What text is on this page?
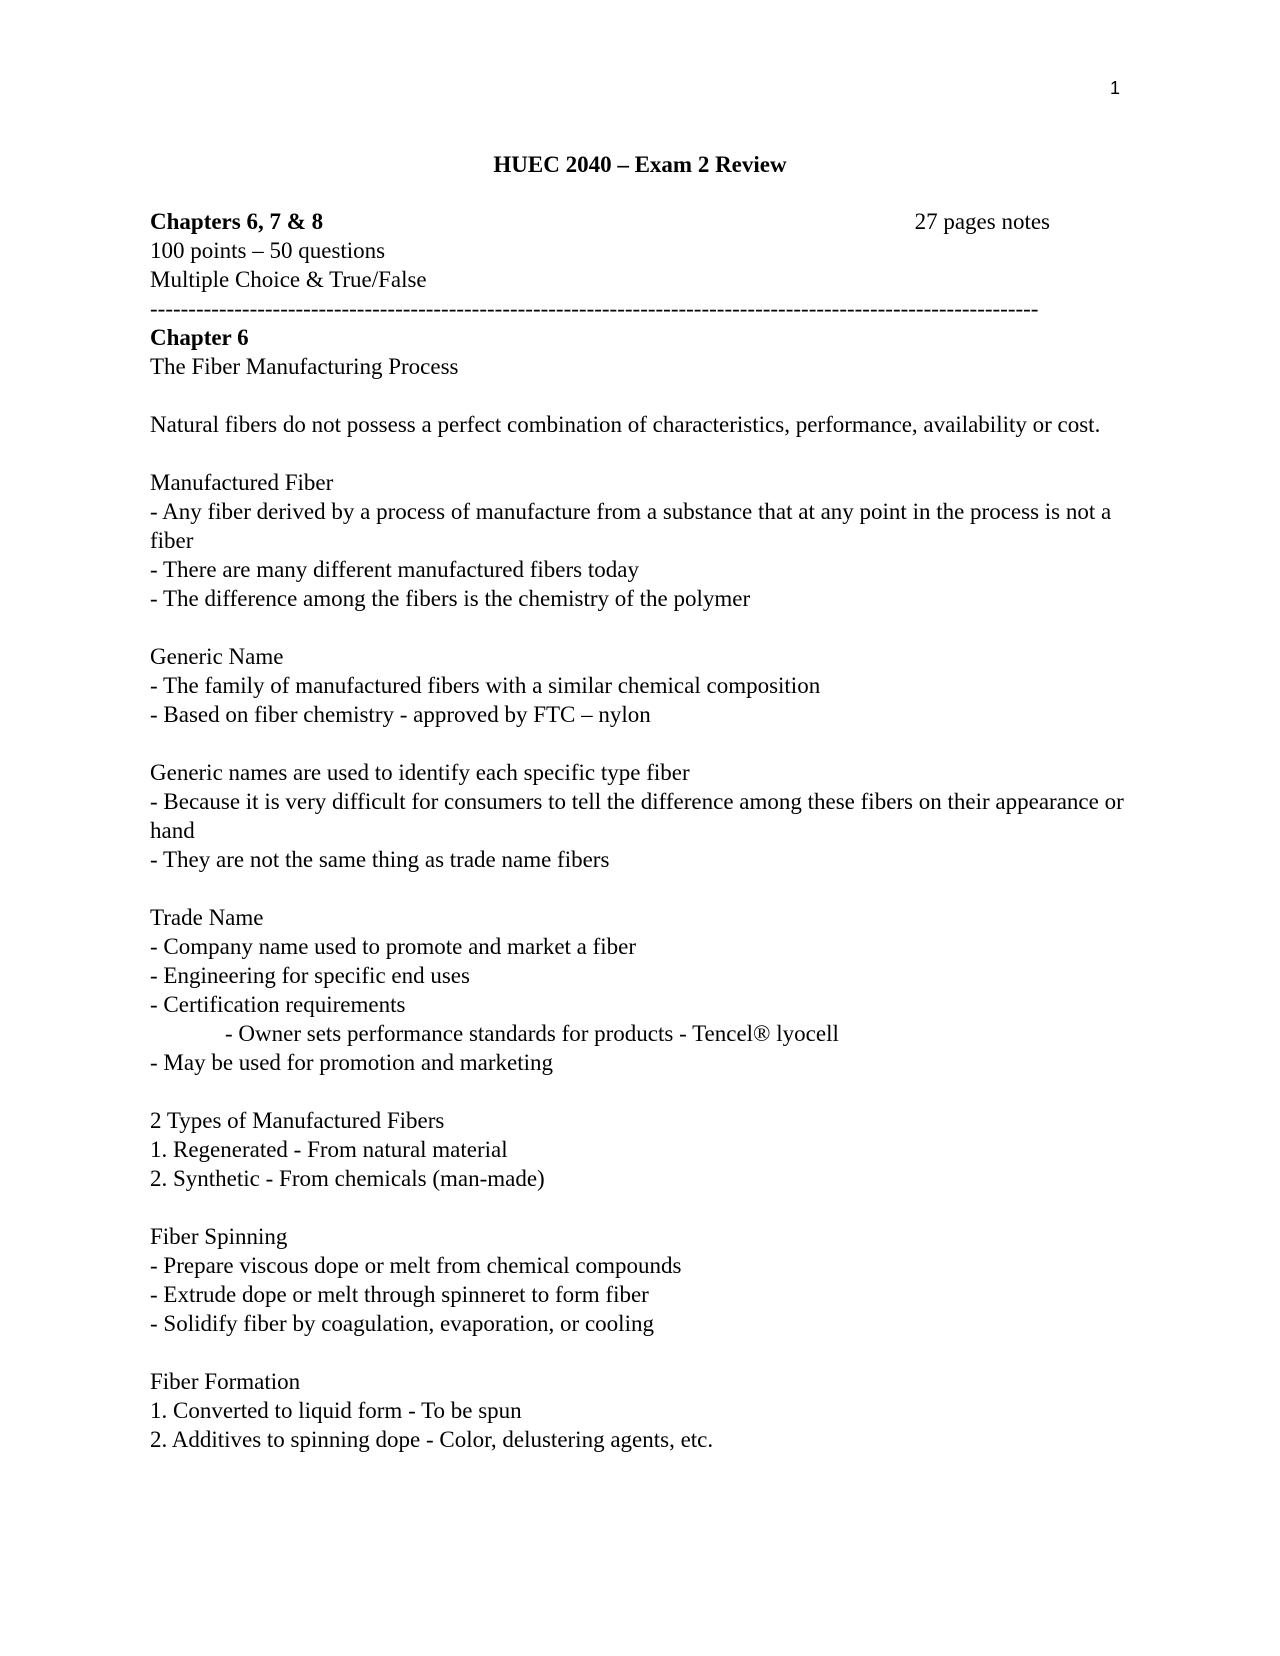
1

HUEC 2040 – Exam 2 Review

Chapters 6, 7 & 8	27 pages notes

100 points – 50 questions

Multiple Choice & True/False

--------------------------------------------------------------------------------------------------------------------

Chapter 6

The Fiber Manufacturing Process

Natural fibers do not possess a perfect combination of characteristics, performance, availability or cost.

Manufactured Fiber

- Any fiber derived by a process of manufacture from a substance that at any point in the process is not a fiber

- There are many different manufactured fibers today

- The difference among the fibers is the chemistry of the polymer

Generic Name

- The family of manufactured fibers with a similar chemical composition

- Based on fiber chemistry - approved by FTC – nylon

Generic names are used to identify each specific type fiber

- Because it is very difficult for consumers to tell the difference among these fibers on their appearance or hand

- They are not the same thing as trade name fibers

Trade Name

- Company name used to promote and market a fiber

- Engineering for specific end uses

- Certification requirements

- Owner sets performance standards for products - Tencel® lyocell

- May be used for promotion and marketing

2 Types of Manufactured Fibers

1. Regenerated - From natural material

2. Synthetic - From chemicals (man-made)

Fiber Spinning

- Prepare viscous dope or melt from chemical compounds

- Extrude dope or melt through spinneret to form fiber

- Solidify fiber by coagulation, evaporation, or cooling

Fiber Formation

1. Converted to liquid form - To be spun

2. Additives to spinning dope - Color, delustering agents, etc.
